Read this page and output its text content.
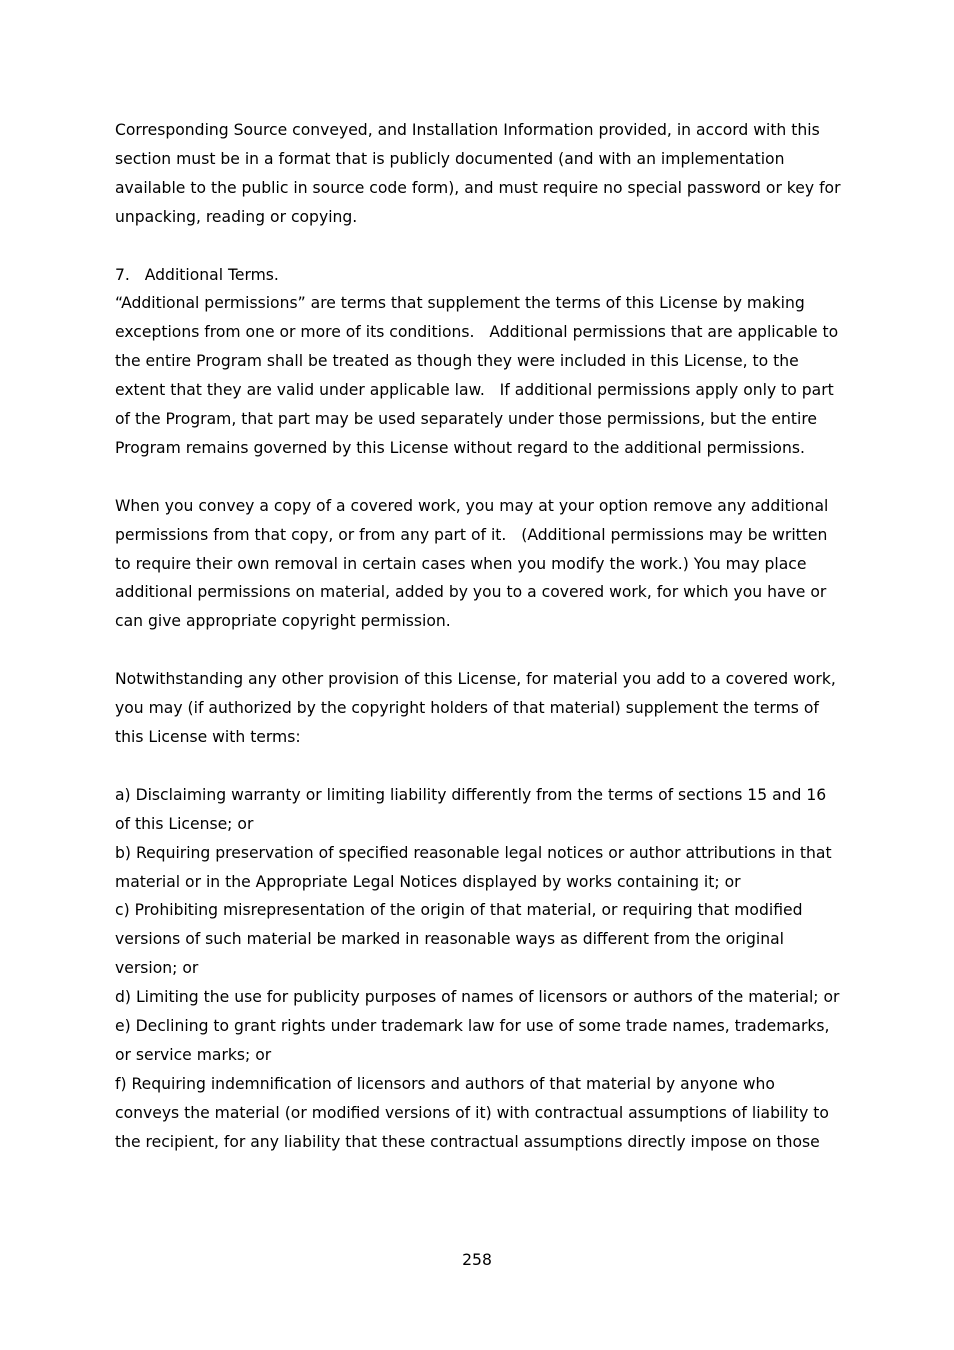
Corresponding Source conveyed, and Installation Information provided, in accord with this section must be in a format that is publicly documented (and with an implementation available to the public in source code form), and must require no special password or key for unpacking, reading or copying.

7.   Additional Terms.
“Additional permissions” are terms that supplement the terms of this License by making exceptions from one or more of its conditions.   Additional permissions that are applicable to the entire Program shall be treated as though they were included in this License, to the extent that they are valid under applicable law.   If additional permissions apply only to part of the Program, that part may be used separately under those permissions, but the entire Program remains governed by this License without regard to the additional permissions.

When you convey a copy of a covered work, you may at your option remove any additional permissions from that copy, or from any part of it.   (Additional permissions may be written to require their own removal in certain cases when you modify the work.) You may place additional permissions on material, added by you to a covered work, for which you have or can give appropriate copyright permission.

Notwithstanding any other provision of this License, for material you add to a covered work, you may (if authorized by the copyright holders of that material) supplement the terms of this License with terms:

a) Disclaiming warranty or limiting liability differently from the terms of sections 15 and 16 of this License; or
b) Requiring preservation of specified reasonable legal notices or author attributions in that material or in the Appropriate Legal Notices displayed by works containing it; or
c) Prohibiting misrepresentation of the origin of that material, or requiring that modified versions of such material be marked in reasonable ways as different from the original version; or
d) Limiting the use for publicity purposes of names of licensors or authors of the material; or
e) Declining to grant rights under trademark law for use of some trade names, trademarks, or service marks; or
f) Requiring indemnification of licensors and authors of that material by anyone who conveys the material (or modified versions of it) with contractual assumptions of liability to the recipient, for any liability that these contractual assumptions directly impose on those

258
